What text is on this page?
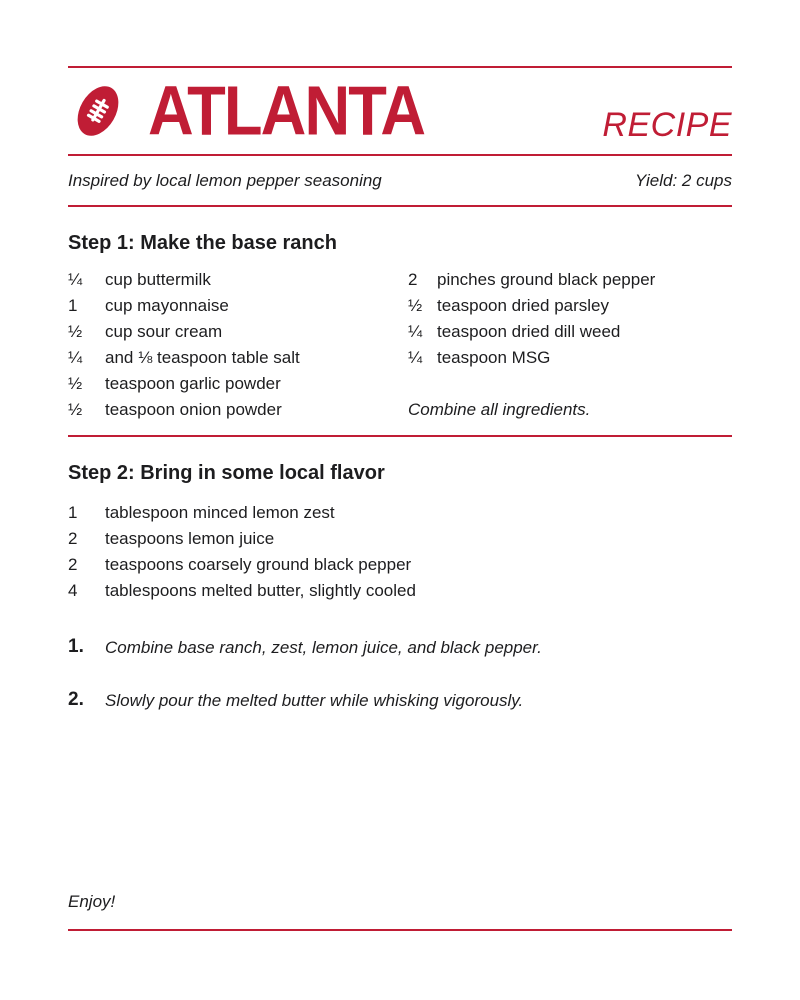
ATLANTA	RECIPE
Inspired by local lemon pepper seasoning	Yield: 2 cups
Step 1: Make the base ranch
¼	cup buttermilk
1	cup mayonnaise
½	cup sour cream
¼	and ⅛ teaspoon table salt
½	teaspoon garlic powder
½	teaspoon onion powder
2	pinches ground black pepper
½ teaspoon dried parsley
¼ teaspoon dried dill weed
¼ teaspoon MSG
Combine all ingredients.
Step 2: Bring in some local flavor
1	tablespoon minced lemon zest
2	teaspoons lemon juice
2	teaspoons coarsely ground black pepper
4	tablespoons melted butter, slightly cooled
1.	Combine base ranch, zest, lemon juice, and black pepper.
2.	Slowly pour the melted butter while whisking vigorously.
Enjoy!
